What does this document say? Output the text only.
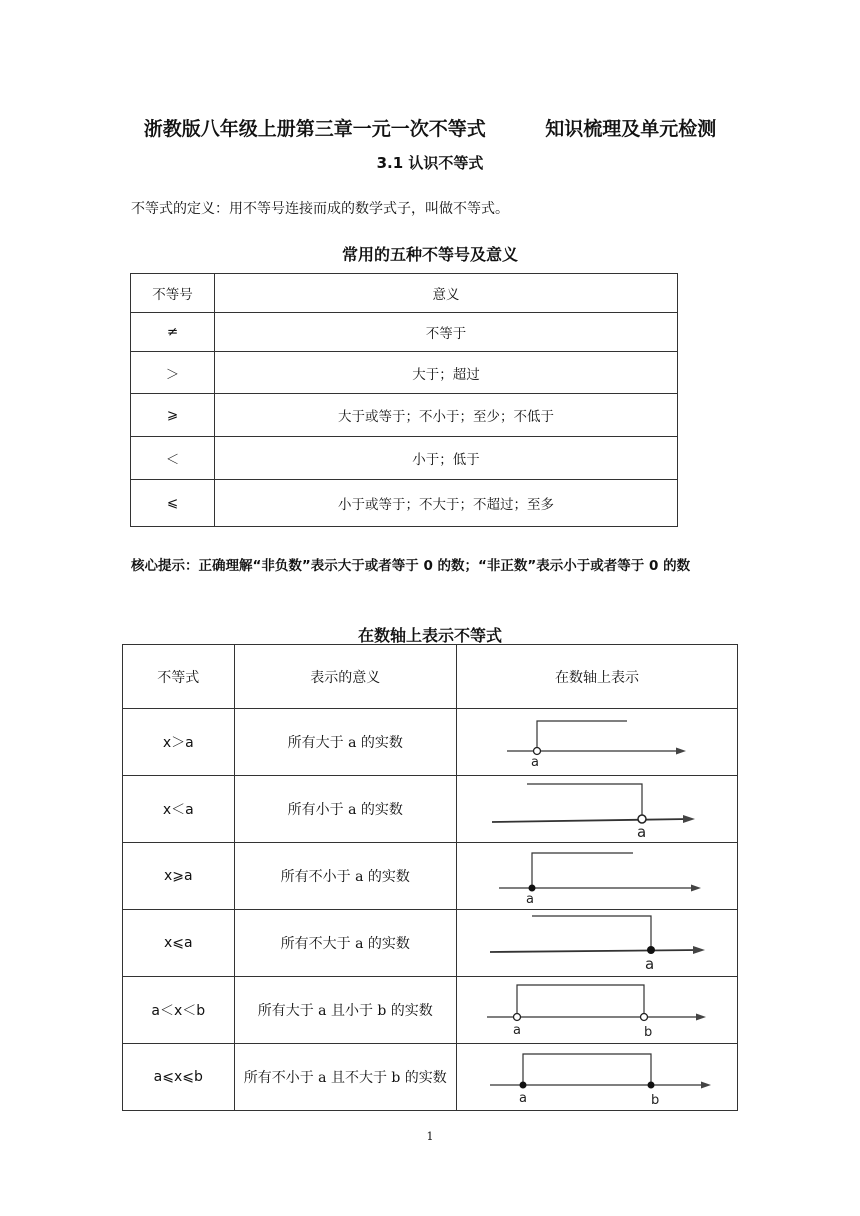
浙教版八年级上册第三章一元一次不等式         知识梳理及单元检测
3.1 认识不等式
不等式的定义：用不等号连接而成的数学式子，叫做不等式。
常用的五种不等号及意义
不等号	意义
≠	不等于
＞	大于；超过
⩾	大于或等于；不小于；至少；不低于
＜	小于；低于
⩽	小于或等于；不大于；不超过；至多
核心提示：正确理解“非负数”表示大于或者等于 0 的数；“非正数”表示小于或者等于 0 的数
在数轴上表示不等式
不等式	表示的意义	在数轴上表示
x＞a	所有大于 a 的实数	a

x＜a	所有小于 a 的实数	a

x⩾a	所有不小于 a 的实数	a

x⩽a	所有不大于 a 的实数	a

a＜x＜b	所有大于 a 且小于 b 的实数	a b

a⩽x⩽b	所有不小于 a 且不大于 b 的实数	a b
1
